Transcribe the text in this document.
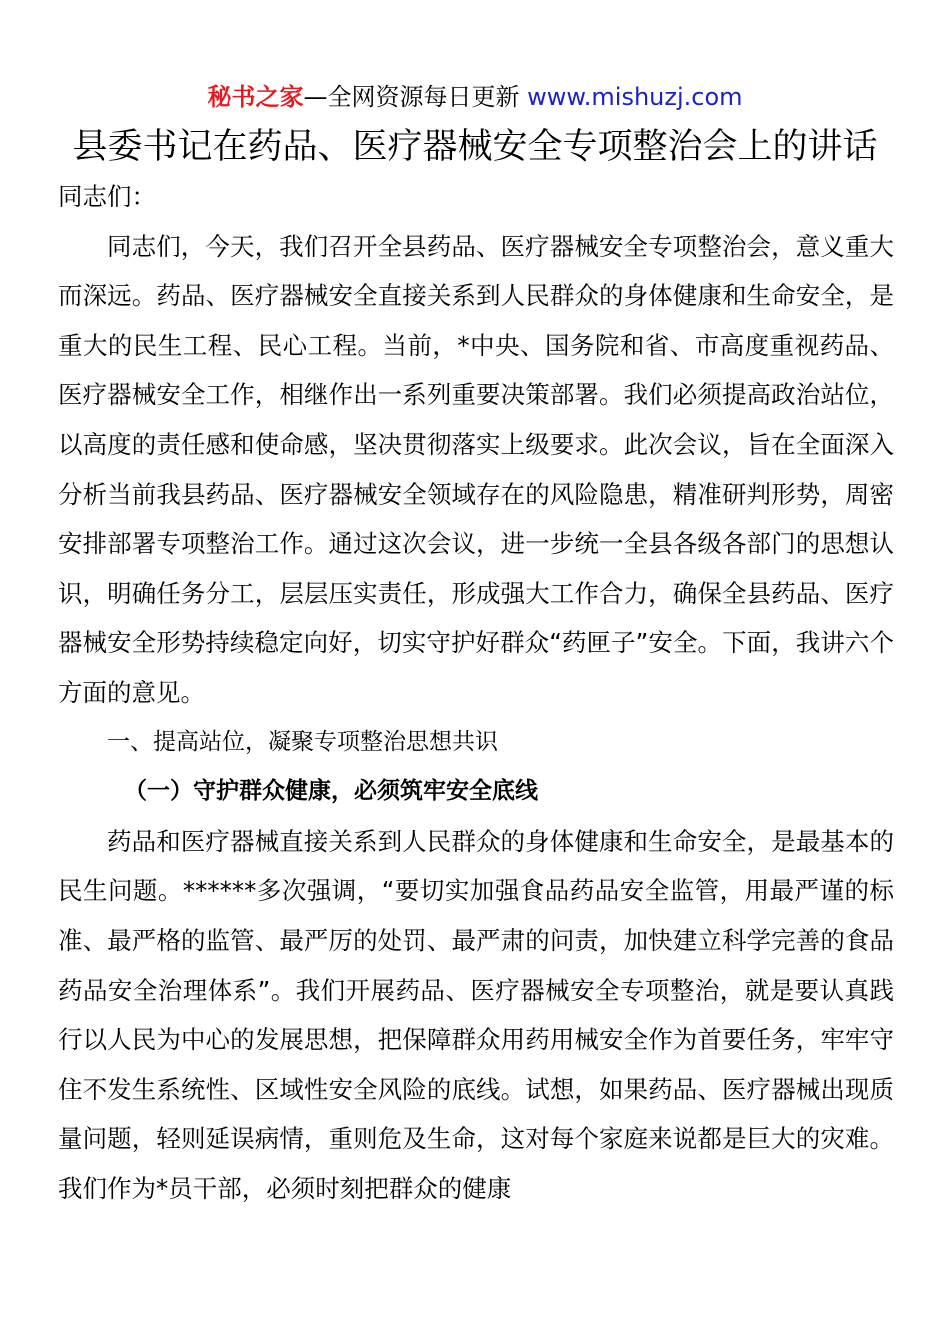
秘书之家—全网资源每日更新 www.mishuzj.com
县委书记在药品、医疗器械安全专项整治会上的讲话

同志们：

同志们，今天，我们召开全县药品、医疗器械安全专项整治会，意义重大而深远。药品、医疗器械安全直接关系到人民群众的身体健康和生命安全，是重大的民生工程、民心工程。当前，*中央、国务院和省、市高度重视药品、医疗器械安全工作，相继作出一系列重要决策部署。我们必须提高政治站位，以高度的责任感和使命感，坚决贯彻落实上级要求。此次会议，旨在全面深入分析当前我县药品、医疗器械安全领域存在的风险隐患，精准研判形势，周密安排部署专项整治工作。通过这次会议，进一步统一全县各级各部门的思想认识，明确任务分工，层层压实责任，形成强大工作合力，确保全县药品、医疗器械安全形势持续稳定向好，切实守护好群众“药匣子”安全。下面，我讲六个方面的意见。

一、提高站位，凝聚专项整治思想共识

（一）守护群众健康，必须筑牢安全底线

药品和医疗器械直接关系到人民群众的身体健康和生命安全，是最基本的民生问题。******多次强调，“要切实加强食品药品安全监管，用最严谨的标准、最严格的监管、最严厉的处罚、最严肃的问责，加快建立科学完善的食品药品安全治理体系”。我们开展药品、医疗器械安全专项整治，就是要认真践行以人民为中心的发展思想，把保障群众用药用械安全作为首要任务，牢牢守住不发生系统性、区域性安全风险的底线。试想，如果药品、医疗器械出现质量问题，轻则延误病情，重则危及生命，这对每个家庭来说都是巨大的灾难。我们作为*员干部，必须时刻把群众的健康
